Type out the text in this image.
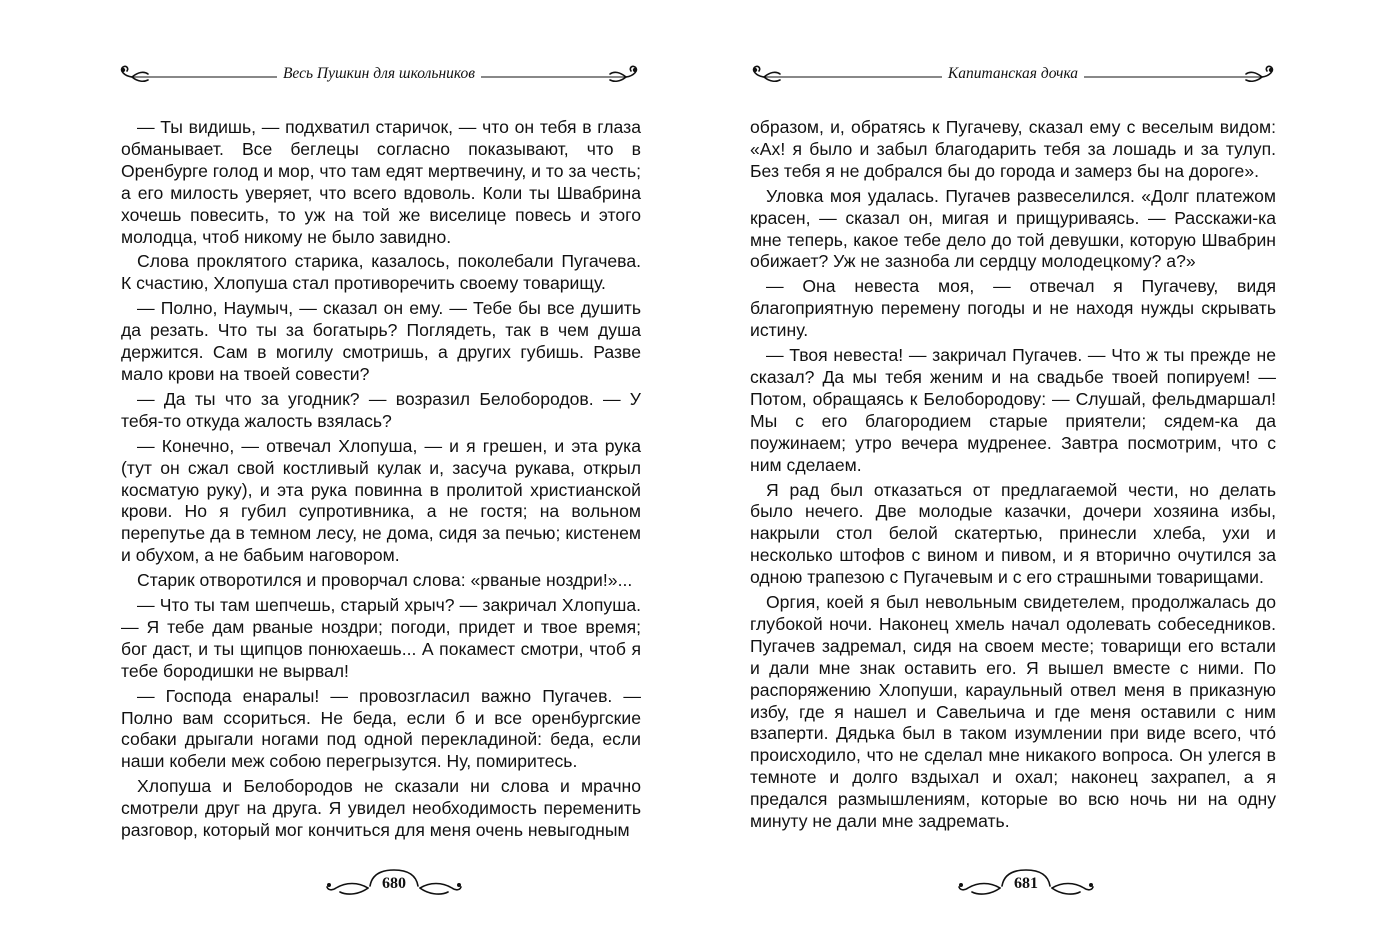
Весь Пушкин для школьников

— Ты видишь, — подхватил старичок, — что он тебя в глаза обманывает. Все беглецы согласно показывают, что в Оренбурге голод и мор, что там едят мертвечину, и то за честь; а его милость уверяет, что всего вдоволь. Коли ты Швабрина хочешь повесить, то уж на той же виселице повесь и этого молодца, чтоб никому не было завидно.

Слова проклятого старика, казалось, поколебали Пугачева. К счастию, Хлопуша стал противоречить своему товарищу.

— Полно, Наумыч, — сказал он ему. — Тебе бы все душить да резать. Что ты за богатырь? Поглядеть, так в чем душа держится. Сам в могилу смотришь, а других губишь. Разве мало крови на твоей совести?

— Да ты что за угодник? — возразил Белобородов. — У тебя-то откуда жалость взялась?

— Конечно, — отвечал Хлопуша, — и я грешен, и эта рука (тут он сжал свой костливый кулак и, засуча рукава, открыл косматую руку), и эта рука повинна в пролитой христианской крови. Но я губил супротивника, а не гостя; на вольном перепутье да в темном лесу, не дома, сидя за печью; кистенем и обухом, а не бабьим наговором.

Старик отворотился и проворчал слова: «рваные ноздри!»...

— Что ты там шепчешь, старый хрыч? — закричал Хлопуша. — Я тебе дам рваные ноздри; погоди, придет и твое время; бог даст, и ты щипцов понюхаешь... А покамест смотри, чтоб я тебе бородишки не вырвал!

— Господа енаралы! — провозгласил важно Пугачев. — Полно вам ссориться. Не беда, если б и все оренбургские собаки дрыгали ногами под одной перекладиной: беда, если наши кобели меж собою перегрызутся. Ну, помиритесь.

Хлопуша и Белобородов не сказали ни слова и мрачно смотрели друг на друга. Я увидел необходимость переменить разговор, который мог кончиться для меня очень невыгодным

680
Капитанская дочка

образом, и, обратясь к Пугачеву, сказал ему с веселым видом: «Ах! я было и забыл благодарить тебя за лошадь и за тулуп. Без тебя я не добрался бы до города и замерз бы на дороге».

Уловка моя удалась. Пугачев развеселился. «Долг платежом красен, — сказал он, мигая и прищуриваясь. — Расскажи-ка мне теперь, какое тебе дело до той девушки, которую Швабрин обижает? Уж не зазноба ли сердцу молодецкому? а?»

— Она невеста моя, — отвечал я Пугачеву, видя благоприятную перемену погоды и не находя нужды скрывать истину.

— Твоя невеста! — закричал Пугачев. — Что ж ты прежде не сказал? Да мы тебя женим и на свадьбе твоей попируем! — Потом, обращаясь к Белобородову: — Слушай, фельдмаршал! Мы с его благородием старые приятели; сядем-ка да поужинаем; утро вечера мудренее. Завтра посмотрим, что с ним сделаем.

Я рад был отказаться от предлагаемой чести, но делать было нечего. Две молодые казачки, дочери хозяина избы, накрыли стол белой скатертью, принесли хлеба, ухи и несколько штофов с вином и пивом, и я вторично очутился за одною трапезою с Пугачевым и с его страшными товарищами.

Оргия, коей я был невольным свидетелем, продолжалась до глубокой ночи. Наконец хмель начал одолевать собеседников. Пугачев задремал, сидя на своем месте; товарищи его встали и дали мне знак оставить его. Я вышел вместе с ними. По распоряжению Хлопуши, караульный отвел меня в приказную избу, где я нашел и Савельича и где меня оставили с ним взаперти. Дядька был в таком изумлении при виде всего, что́ происходило, что не сделал мне никакого вопроса. Он улегся в темноте и долго вздыхал и охал; наконец захрапел, а я предался размышлениям, которые во всю ночь ни на одну минуту не дали мне задремать.

681
